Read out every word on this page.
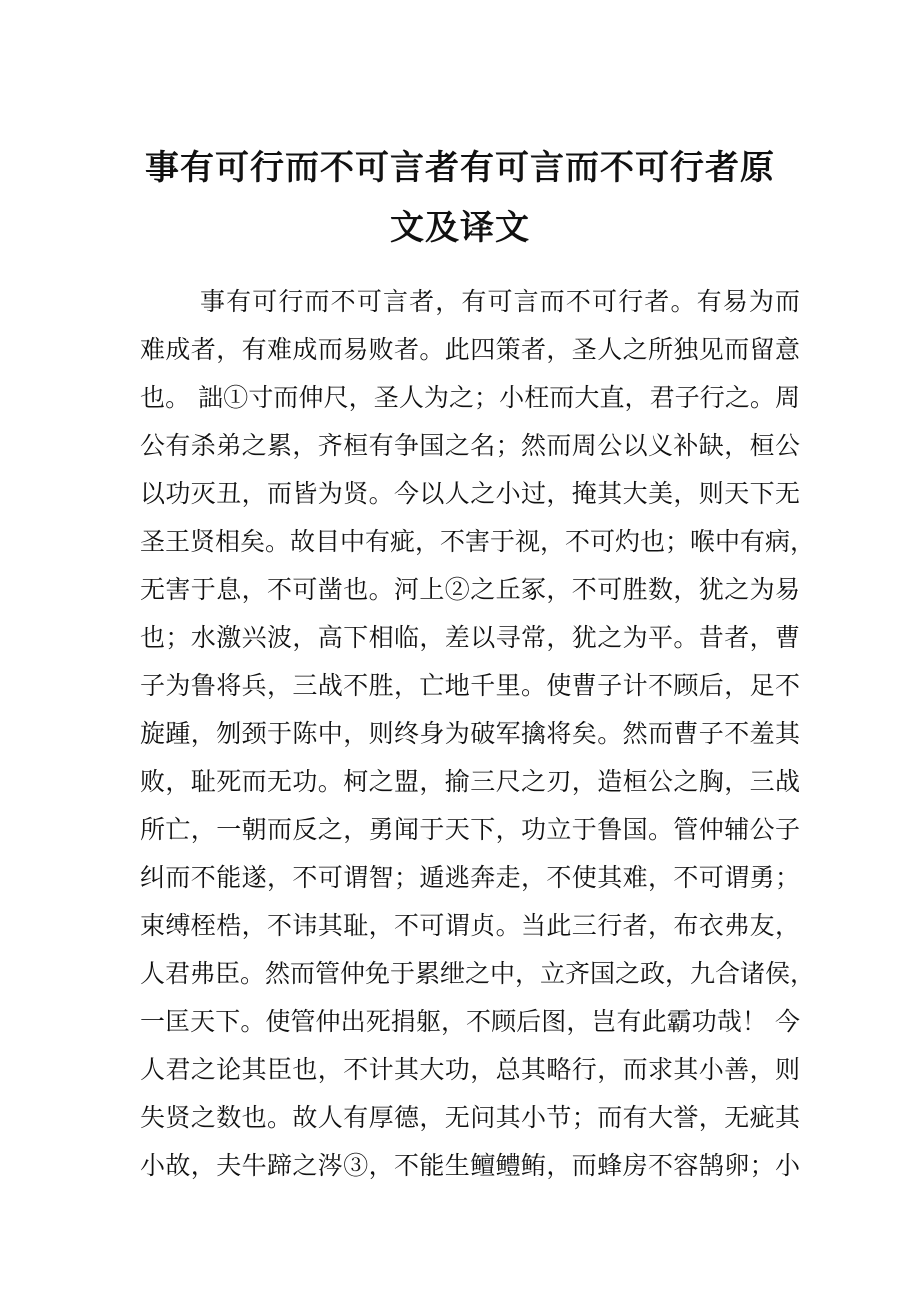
事有可行而不可言者有可言而不可行者原
文及译文
事有可行而不可言者，有可言而不可行者。有易为而
难成者，有难成而易败者。此四策者，圣人之所独见而留意
也。 詘①寸而伸尺，圣人为之；小枉而大直，君子行之。周
公有杀弟之累，齐桓有争国之名；然而周公以义补缺，桓公
以功灭丑，而皆为贤。今以人之小过，掩其大美，则天下无
圣王贤相矣。故目中有疵，不害于视，不可灼也；喉中有病，
无害于息，不可凿也。河上②之丘冢，不可胜数，犹之为易
也；水激兴波，高下相临，差以寻常，犹之为平。昔者，曹
子为鲁将兵，三战不胜，亡地千里。使曹子计不顾后，足不
旋踵，刎颈于陈中，则终身为破军擒将矣。然而曹子不羞其
败，耻死而无功。柯之盟，揄三尺之刃，造桓公之胸，三战
所亡，一朝而反之，勇闻于天下，功立于鲁国。管仲辅公子
纠而不能遂，不可谓智；遁逃奔走，不使其难，不可谓勇；
束缚桎梏，不讳其耻，不可谓贞。当此三行者，布衣弗友，
人君弗臣。然而管仲免于累绁之中，立齐国之政，九合诸侯，
一匡天下。使管仲出死捐躯，不顾后图，岂有此霸功哉！ 今
人君之论其臣也，不计其大功，总其略行，而求其小善，则
失贤之数也。故人有厚德，无问其小节；而有大誉，无疵其
小故，夫牛蹄之涔③，不能生鳣鳢鲔，而蜂房不容鹄卵；小
